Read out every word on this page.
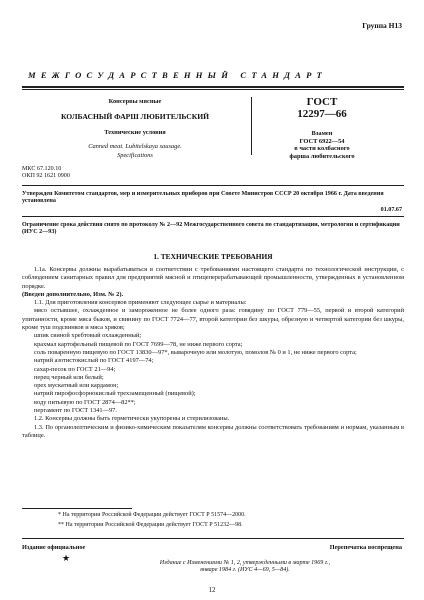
Группа Н13
МЕЖГОСУДАРСТВЕННЫЙ СТАНДАРТ
Консервы мясные
КОЛБАСНЫЙ ФАРШ ЛЮБИТЕЛЬСКИЙ
Технические условия
Canned meat. Lubitelskaya sausage.
Specifications
ГОСТ
12297—66
Взамен
ГОСТ 6922—54
в части колбасного
фарша любительского
МКС 67.120.10
ОКП 92 1621 0900
Утвержден Комитетом стандартов, мер и измерительных приборов при Совете Министров СССР 20 октября 1966 г. Дата введения установлена
01.07.67
Ограничение срока действия снято по протоколу № 2—92 Межгосударственного совета по стандартизации, метрологии и сертификации (ИУС 2—93)
1. ТЕХНИЧЕСКИЕ ТРЕБОВАНИЯ

1.1а. Консервы должны вырабатываться в соответствии с требованиями настоящего стандарта по технологической инструкции, с соблюдением санитарных правил для предприятий мясной и птицеперерабатывающей промышленности, утвержденных в установленном порядке.

(Введен дополнительно, Изм. № 2).

1.1. Для приготовления консервов применяют следующее сырье и материалы:

мясо остывшее, охлажденное и замороженное не более одного раза: говядину по ГОСТ 779—55, первой и второй категорий упитанности, кроме мяса быков, и свинину по ГОСТ 7724—77, второй категории без шкуры, обрезную и четвертой категории без шкуры, кроме туш подсвинков и мяса хряков;

шпик свиной хребтовый охлажденный;

крахмал картофельный пищевой по ГОСТ 7699—78, не ниже первого сорта;

соль поваренную пищевую по ГОСТ 13830—97*, выварочную или молотую, помолов № 0 и 1, не ниже первого сорта;

натрий азотистокислый по ГОСТ 4197—74;

сахар-песок по ГОСТ 21—94;

перец черный или белый;

орех мускатный или кардамон;

натрий пирофосфорнокислый трехзамещенный (пищевой);

воду питьевую по ГОСТ 2874—82**;

пергамент по ГОСТ 1341—97.

1.2. Консервы должны быть герметически укупорены и стерилизованы.

1.3. По органолептическим и физико-химическим показателям консервы должны соответствовать требованиям и нормам, указанным в таблице.

* На территории Российской Федерации действует ГОСТ Р 51574—2000.
** На территории Российской Федерации действует ГОСТ Р 51232—98.
Издание официальное	Перепечатка воспрещена
★	Издание с Изменениями № 1, 2, утвержденными в марте 1969 г.,
январе 1984 г. (ИУС 4—69, 5—84).
12
